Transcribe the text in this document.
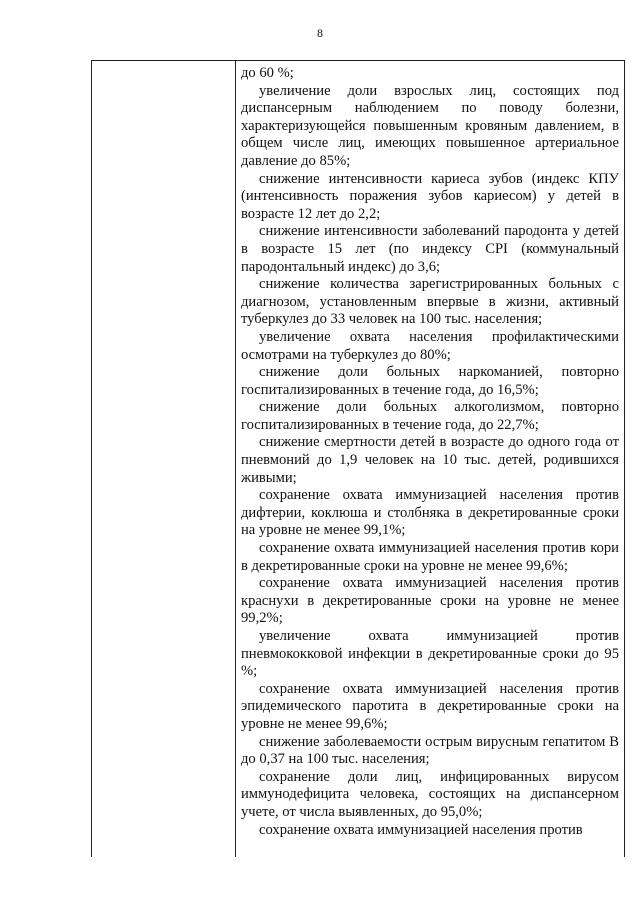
8

до 60 %;

увеличение доли взрослых лиц, состоящих под диспансерным наблюдением по поводу болезни, характеризующейся повышенным кровяным давлением, в общем числе лиц, имеющих повышенное артериальное давление до 85%;

снижение интенсивности кариеса зубов (индекс КПУ (интенсивность поражения зубов кариесом) у детей в возрасте 12 лет до 2,2;

снижение интенсивности заболеваний пародонта у детей в возрасте 15 лет (по индексу CPI (коммунальный пародонтальный индекс) до 3,6;

снижение количества зарегистрированных больных с диагнозом, установленным впервые в жизни, активный туберкулез до 33 человек на 100 тыс. населения;

увеличение охвата населения профилактическими осмотрами на туберкулез до 80%;

снижение доли больных наркоманией, повторно госпитализированных в течение года, до 16,5%;

снижение доли больных алкоголизмом, повторно госпитализированных в течение года, до 22,7%;

снижение смертности детей в возрасте до одного года от пневмоний до 1,9 человек на 10 тыс. детей, родившихся живыми;

сохранение охвата иммунизацией населения против дифтерии, коклюша и столбняка в декретированные сроки на уровне не менее 99,1%;

сохранение охвата иммунизацией населения против кори в декретированные сроки на уровне не менее 99,6%;

сохранение охвата иммунизацией населения против краснухи в декретированные сроки на уровне не менее 99,2%;

увеличение охвата иммунизацией против пневмококковой инфекции в декретированные сроки до 95 %;

сохранение охвата иммунизацией населения против эпидемического паротита в декретированные сроки на уровне не менее 99,6%;

снижение заболеваемости острым вирусным гепатитом В до 0,37 на 100 тыс. населения;

сохранение доли лиц, инфицированных вирусом иммунодефицита человека, состоящих на диспансерном учете, от числа выявленных, до 95,0%;

сохранение охвата иммунизацией населения против
